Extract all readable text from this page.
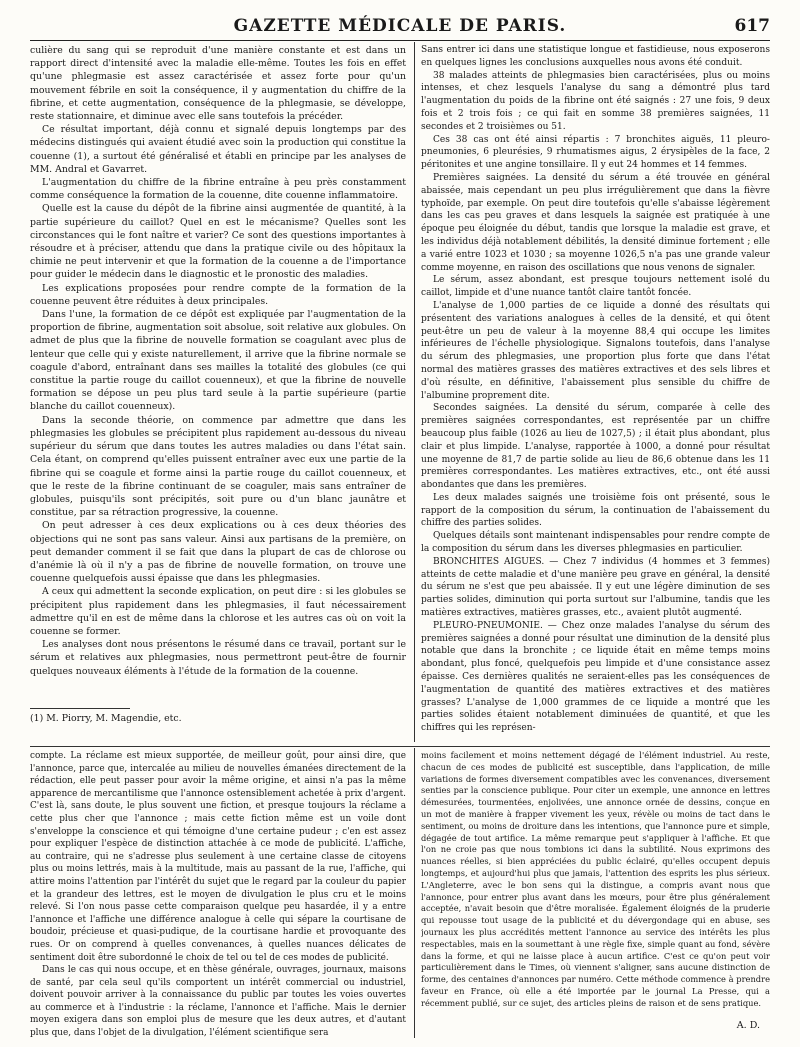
GAZETTE MÉDICALE DE PARIS.	617

culière du sang qui se reproduit d'une manière constante et est dans un rapport direct d'intensité avec la maladie elle-même. Toutes les fois en effet qu'une phlegmasie est assez caractérisée et assez forte pour qu'un mouvement fébrile en soit la conséquence, il y augmentation du chiffre de la fibrine, et cette augmentation, conséquence de la phlegmasie, se développe, reste stationnaire, et diminue avec elle sans toutefois la précéder.

Ce résultat important, déjà connu et signalé depuis longtemps par des médecins distingués qui avaient étudié avec soin la production qui constitue la couenne (1), a surtout été généralisé et établi en principe par les analyses de MM. Andral et Gavarret.

L'augmentation du chiffre de la fibrine entraîne à peu près constamment comme conséquence la formation de la couenne, dite couenne inflammatoire.

Quelle est la cause du dépôt de la fibrine ainsi augmentée de quantité, à la partie supérieure du caillot? Quel en est le mécanisme? Quelles sont les circonstances qui le font naître et varier? Ce sont des questions importantes à résoudre et à préciser, attendu que dans la pratique civile ou des hôpitaux la chimie ne peut intervenir et que la formation de la couenne a de l'importance pour guider le médecin dans le diagnostic et le pronostic des maladies.

Les explications proposées pour rendre compte de la formation de la couenne peuvent être réduites à deux principales.

Dans l'une, la formation de ce dépôt est expliquée par l'augmentation de la proportion de fibrine, augmentation soit absolue, soit relative aux globules. On admet de plus que la fibrine de nouvelle formation se coagulant avec plus de lenteur que celle qui y existe naturellement, il arrive que la fibrine normale se coagule d'abord, entraînant dans ses mailles la totalité des globules (ce qui constitue la partie rouge du caillot couenneux), et que la fibrine de nouvelle formation se dépose un peu plus tard seule à la partie supérieure (partie blanche du caillot couenneux).

Dans la seconde théorie, on commence par admettre que dans les phlegmasies les globules se précipitent plus rapidement au-dessous du niveau supérieur du sérum que dans toutes les autres maladies ou dans l'état sain. Cela étant, on comprend qu'elles puissent entraîner avec eux une partie de la fibrine qui se coagule et forme ainsi la partie rouge du caillot couenneux, et que le reste de la fibrine continuant de se coaguler, mais sans entraîner de globules, puisqu'ils sont précipités, soit pure ou d'un blanc jaunâtre et constitue, par sa rétraction progressive, la couenne.

On peut adresser à ces deux explications ou à ces deux théories des objections qui ne sont pas sans valeur. Ainsi aux partisans de la première, on peut demander comment il se fait que dans la plupart de cas de chlorose ou d'anémie là où il n'y a pas de fibrine de nouvelle formation, on trouve une couenne quelquefois aussi épaisse que dans les phlegmasies.

A ceux qui admettent la seconde explication, on peut dire : si les globules se précipitent plus rapidement dans les phlegmasies, il faut nécessairement admettre qu'il en est de même dans la chlorose et les autres cas où on voit la couenne se former.

Les analyses dont nous présentons le résumé dans ce travail, portant sur le sérum et relatives aux phlegmasies, nous permettront peut-être de fournir quelques nouveaux éléments à l'étude de la formation de la couenne.

(1) M. Piorry, M. Magendie, etc.

Sans entrer ici dans une statistique longue et fastidieuse, nous exposerons en quelques lignes les conclusions auxquelles nous avons été conduit.

38 malades atteints de phlegmasies bien caractérisées, plus ou moins intenses, et chez lesquels l'analyse du sang a démontré plus tard l'augmentation du poids de la fibrine ont été saignés : 27 une fois, 9 deux fois et 2 trois fois ; ce qui fait en somme 38 premières saignées, 11 secondes et 2 troisièmes ou 51.

Ces 38 cas ont été ainsi répartis : 7 bronchites aiguës, 11 pleuro-pneumonies, 6 pleurésies, 9 rhumatismes aigus, 2 érysipèles de la face, 2 péritonites et une angine tonsillaire. Il y eut 24 hommes et 14 femmes.

Premières saignées. La densité du sérum a été trouvée en général abaissée, mais cependant un peu plus irrégulièrement que dans la fièvre typhoïde, par exemple. On peut dire toutefois qu'elle s'abaisse légèrement dans les cas peu graves et dans lesquels la saignée est pratiquée à une époque peu éloignée du début, tandis que lorsque la maladie est grave, et les individus déjà notablement débilités, la densité diminue fortement ; elle a varié entre 1023 et 1030 ; sa moyenne 1026,5 n'a pas une grande valeur comme moyenne, en raison des oscillations que nous venons de signaler.

Le sérum, assez abondant, est presque toujours nettement isolé du caillot, limpide et d'une nuance tantôt claire tantôt foncée.

L'analyse de 1,000 parties de ce liquide a donné des résultats qui présentent des variations analogues à celles de la densité, et qui ôtent peut-être un peu de valeur à la moyenne 88,4 qui occupe les limites inférieures de l'échelle physiologique. Signalons toutefois, dans l'analyse du sérum des phlegmasies, une proportion plus forte que dans l'état normal des matières grasses des matières extractives et des sels libres et d'où résulte, en définitive, l'abaissement plus sensible du chiffre de l'albumine proprement dite.

Secondes saignées. La densité du sérum, comparée à celle des premières saignées correspondantes, est représentée par un chiffre beaucoup plus faible (1026 au lieu de 1027,5) ; il était plus abondant, plus clair et plus limpide. L'analyse, rapportée à 1000, a donné pour résultat une moyenne de 81,7 de partie solide au lieu de 86,6 obtenue dans les 11 premières correspondantes. Les matières extractives, etc., ont été aussi abondantes que dans les premières.

Les deux malades saignés une troisième fois ont présenté, sous le rapport de la composition du sérum, la continuation de l'abaissement du chiffre des parties solides.

Quelques détails sont maintenant indispensables pour rendre compte de la composition du sérum dans les diverses phlegmasies en particulier.

BRONCHITES AIGUES. — Chez 7 individus (4 hommes et 3 femmes) atteints de cette maladie et d'une manière peu grave en général, la densité du sérum ne s'est que peu abaissée. Il y eut une légère diminution de ses parties solides, diminution qui porta surtout sur l'albumine, tandis que les matières extractives, matières grasses, etc., avaient plutôt augmenté.

PLEURO-PNEUMONIE. — Chez onze malades l'analyse du sérum des premières saignées a donné pour résultat une diminution de la densité plus notable que dans la bronchite ; ce liquide était en même temps moins abondant, plus foncé, quelquefois peu limpide et d'une consistance assez épaisse. Ces dernières qualités ne seraient-elles pas les conséquences de l'augmentation de quantité des matières extractives et des matières grasses? L'analyse de 1,000 grammes de ce liquide a montré que les parties solides étaient notablement diminuées de quantité, et que les chiffres qui les représen-

compte. La réclame est mieux supportée, de meilleur goût, pour ainsi dire, que l'annonce, parce que, intercalée au milieu de nouvelles émanées directement de la rédaction, elle peut passer pour avoir la même origine, et ainsi n'a pas la même apparence de mercantilisme que l'annonce ostensiblement achetée à prix d'argent. C'est là, sans doute, le plus souvent une fiction, et presque toujours la réclame a cette plus cher que l'annonce ; mais cette fiction même est un voile dont s'enveloppe la conscience et qui témoigne d'une certaine pudeur ; c'en est assez pour expliquer l'espèce de distinction attachée à ce mode de publicité. L'affiche, au contraire, qui ne s'adresse plus seulement à une certaine classe de citoyens plus ou moins lettrés, mais à la multitude, mais au passant de la rue, l'affiche, qui attire moins l'attention par l'intérêt du sujet que le regard par la couleur du papier et la grandeur des lettres, est le moyen de divulgation le plus cru et le moins relevé. Si l'on nous passe cette comparaison quelque peu hasardée, il y a entre l'annonce et l'affiche une différence analogue à celle qui sépare la courtisane de boudoir, précieuse et quasi-pudique, de la courtisane hardie et provoquante des rues. Or on comprend à quelles convenances, à quelles nuances délicates de sentiment doit être subordonné le choix de tel ou tel de ces modes de publicité.

Dans le cas qui nous occupe, et en thèse générale, ouvrages, journaux, maisons de santé, par cela seul qu'ils comportent un intérêt commercial ou industriel, doivent pouvoir arriver à la connaissance du public par toutes les voies ouvertes au commerce et à l'industrie : la réclame, l'annonce et l'affiche. Mais le dernier moyen exigera dans son emploi plus de mesure que les deux autres, et d'autant plus que, dans l'objet de la divulgation, l'élément scientifique sera

moins facilement et moins nettement dégagé de l'élément industriel. Au reste, chacun de ces modes de publicité est susceptible, dans l'application, de mille variations de formes diversement compatibles avec les convenances, diversement senties par la conscience publique. Pour citer un exemple, une annonce en lettres démesurées, tourmentées, enjolivées, une annonce ornée de dessins, conçue en un mot de manière à frapper vivement les yeux, révèle ou moins de tact dans le sentiment, ou moins de droiture dans les intentions, que l'annonce pure et simple, dégagée de tout artifice. La même remarque peut s'appliquer à l'affiche. Et que l'on ne croie pas que nous tombions ici dans la subtilité. Nous exprimons des nuances réelles, si bien appréciées du public éclairé, qu'elles occupent depuis longtemps, et aujourd'hui plus que jamais, l'attention des esprits les plus sérieux. L'Angleterre, avec le bon sens qui la distingue, a compris avant nous que l'annonce, pour entrer plus avant dans les mœurs, pour être plus généralement acceptée, n'avait besoin que d'être moralisée. Également éloignés de la pruderie qui repousse tout usage de la publicité et du dévergondage qui en abuse, ses journaux les plus accrédités mettent l'annonce au service des intérêts les plus respectables, mais en la soumettant à une règle fixe, simple quant au fond, sévère dans la forme, et qui ne laisse place à aucun artifice. C'est ce qu'on peut voir particulièrement dans le Times, où viennent s'aligner, sans aucune distinction de forme, des centaines d'annonces par numéro. Cette méthode commence à prendre faveur en France, où elle a été importée par le journal La Presse, qui a récemment publié, sur ce sujet, des articles pleins de raison et de sens pratique.

A. D.
